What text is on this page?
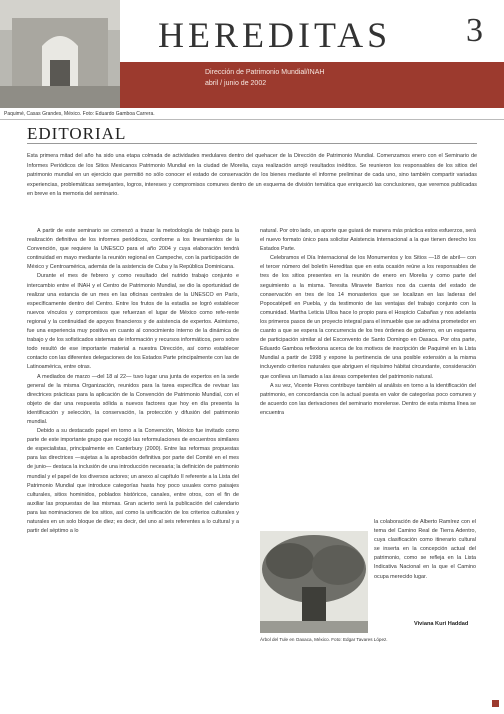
HEREDITAS 3
Dirección de Patrimonio Mundial/INAH
abril / junio de 2002
Paquimé, Casas Grandes, México. Foto: Eduardo Gamboa Carrera.
EDITORIAL
Esta primera mitad del año ha sido una etapa colmada de actividades medulares dentro del quehacer de la Dirección de Patrimonio Mundial. Comenzamos enero con el Seminario de Informes Periódicos de los Sitios Mexicanos Patrimonio Mundial en la ciudad de Morelia, cuya realización arrojó resultados inéditos. Se reunieron los responsables de los sitios del patrimonio mundial en un ejercicio que permitió no sólo conocer el estado de conservación de los bienes mediante el informe preliminar de cada uno, sino también compartir variadas experiencias, problemáticas semejantes, logros, intereses y compromisos comunes dentro de un esquema de división temática que enriqueció las conclusiones, que veremos publicadas en breve en la memoria del seminario.

A partir de este seminario se comenzó a trazar la metodología de trabajo para la realización definitiva de los informes periódicos, conforme a los lineamientos de la Convención, que requiere la UNESCO para el año 2004 y cuya elaboración tendrá continuidad en mayo mediante la reunión regional en Campeche, con la participación de México y Centroamérica, además de la asistencia de Cuba y la República Dominicana.

Durante el mes de febrero y como resultado del nutrido trabajo conjunto e intercambio entre el INAH y el Centro de Patrimonio Mundial, se dio la oportunidad de realizar una estancia de un mes en las oficinas centrales de la UNESCO en París, específicamente dentro del Centro. Entre los frutos de la estadía se logró establecer nuevos vínculos y compromisos que refuerzan el lugar de México como refe-rente regional y la continuidad de apoyos financieros y de asistencia de expertos. Asimismo, fue una experiencia muy positiva en cuanto al conocimiento interno de la dinámica de trabajo y de los sofisticados sistemas de información y recursos informáticos, pero sobre todo resultó de ese importante material a nuestra Dirección, así como establecer contacto con las diferentes delegaciones de los Estados Parte principalmente con las de Latinoamérica, entre otras.

A mediados de marzo —del 18 al 22— tuvo lugar una junta de expertos en la sede general de la misma Organización, reunidos para la tarea específica de revisar las directrices prácticas para la aplicación de la Convención de Patrimonio Mundial, con el objeto de dar una respuesta sólida a nuevos factores que hoy en día presenta la identificación y selección, la conservación, la protección y difusión del patrimonio mundial.

Debido a su destacado papel en torno a la Convención, México fue invitado como parte de este importante grupo que recogió las reformulaciones de encuentros similares de especialistas, principalmente en Canterbury (2000). Entre las reformas propuestas para las directrices —sujetas a la aprobación definitiva por parte del Comité en el mes de junio— destaca la inclusión de una introducción necesaria; la definición de patrimonio mundial y el papel de los diversos actores; un anexo al capítulo II referente a la Lista del Patrimonio Mundial que introduce categorías hasta hoy poco usuales como paisajes culturales, sitios hominidos, poblados históricos, canales, entre otros, con el fin de auxiliar las propuestas de las mismas. Gran acierto será la publicación del calendario para las nominaciones de los sitios, así como la unificación de los criterios culturales y naturales en un solo bloque de diez; es decir, del uno al seis referentes a lo cultural y a partir del séptimo a lo

natural. Por otro lado, un aporte que guiará de manera más práctica estos esfuerzos, será el nuevo formato único para solicitar Asistencia Internacional a la que tienen derecho los Estados Parte.

Celebramos el Día Internacional de los Monumentos y los Sitios —18 de abril— con el tercer número del boletín Hereditas que en esta ocasión reúne a los responsables de tres de los sitios presentes en la reunión de enero en Morelia y como parte del seguimiento a la misma. Teresita Miravete Barrios nos da cuenta del estado de conservación en tres de los 14 monasterios que se localizan en las laderas del Popocatépetl en Puebla, y da testimonio de las ventajas del trabajo conjunto con la comunidad. Martha Leticia Ulloa hace lo propio para el Hospicio Cabañas y nos adelanta los primeros pasos de un proyecto integral para el inmueble que se adivina prometedor en cuanto a que se espera la concurrencia de los tres órdenes de gobierno, en un esquema de participación similar al del Exconvento de Santo Domingo en Oaxaca. Por otra parte, Eduardo Gamboa reflexiona acerca de los motivos de inscripción de Paquimé en la Lista Mundial a partir de 1998 y expone la pertinencia de una posible extensión a la misma incluyendo criterios naturales que abriguen el riquísimo hábitat circundante, consideración que conlleva un llamado a las áreas competentes del patrimonio natural.

A su vez, Vicente Flores contribuye también al análisis en torno a la identificación del patrimonio, en concordancia con la actual puesta en valor de categorías poco comunes y de acuerdo con las derivaciones del seminario morelense. Dentro de esta misma línea se encuentra

la colaboración de Alberto Ramírez con el tema del Camino Real de Tierra Adentro, cuya clasificación como itinerario cultural se inserta en la concepción actual del patrimonio, como se refleja en la Lista Indicativa Nacional en la que el Camino ocupa merecido lugar.
Viviana Kuri Haddad
Árbol del Tule en Oaxaca, México. Foto: Edgar Tavares López.
